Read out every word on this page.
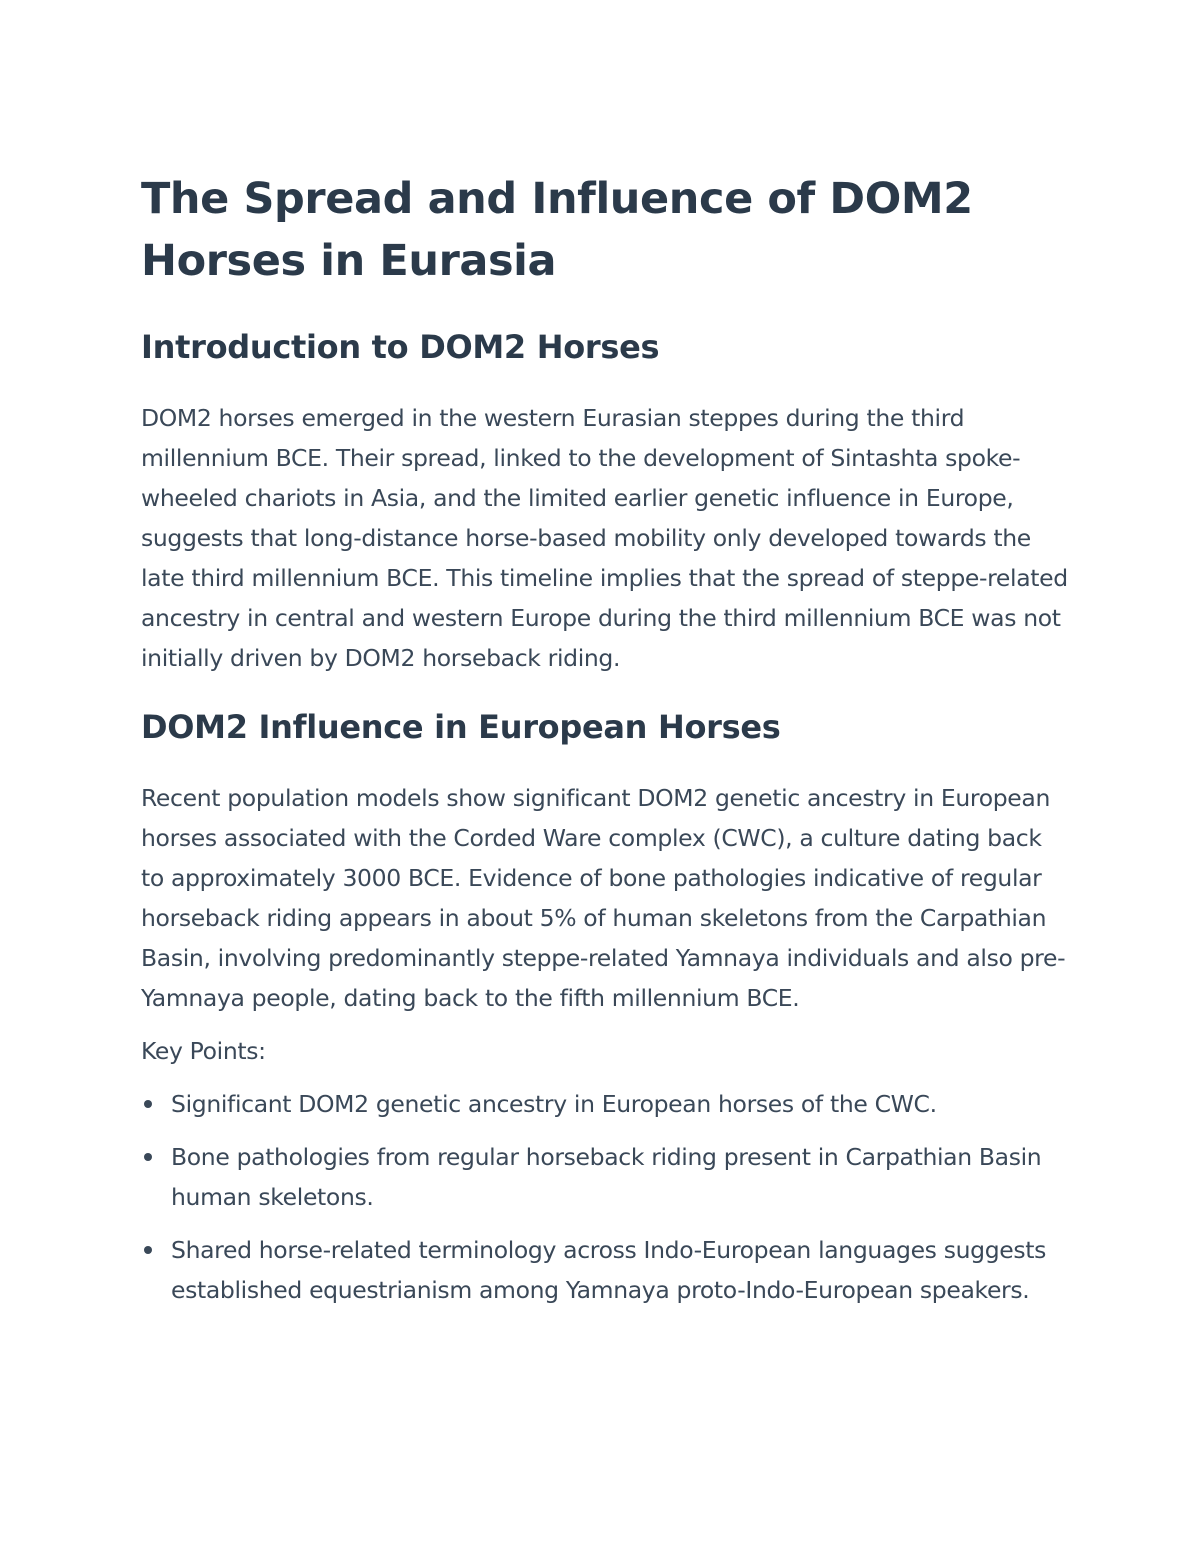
The Spread and Influence of DOM2 Horses in Eurasia
Introduction to DOM2 Horses

DOM2 horses emerged in the western Eurasian steppes during the third millennium BCE. Their spread, linked to the development of Sintashta spoke-wheeled chariots in Asia, and the limited earlier genetic influence in Europe, suggests that long-distance horse-based mobility only developed towards the late third millennium BCE. This timeline implies that the spread of steppe-related ancestry in central and western Europe during the third millennium BCE was not initially driven by DOM2 horseback riding.

DOM2 Influence in European Horses

Recent population models show significant DOM2 genetic ancestry in European horses associated with the Corded Ware complex (CWC), a culture dating back to approximately 3000 BCE. Evidence of bone pathologies indicative of regular horseback riding appears in about 5% of human skeletons from the Carpathian Basin, involving predominantly steppe-related Yamnaya individuals and also pre-Yamnaya people, dating back to the fifth millennium BCE.

Key Points:

Significant DOM2 genetic ancestry in European horses of the CWC.
Bone pathologies from regular horseback riding present in Carpathian Basin human skeletons.
Shared horse-related terminology across Indo-European languages suggests established equestrianism among Yamnaya proto-Indo-European speakers.
